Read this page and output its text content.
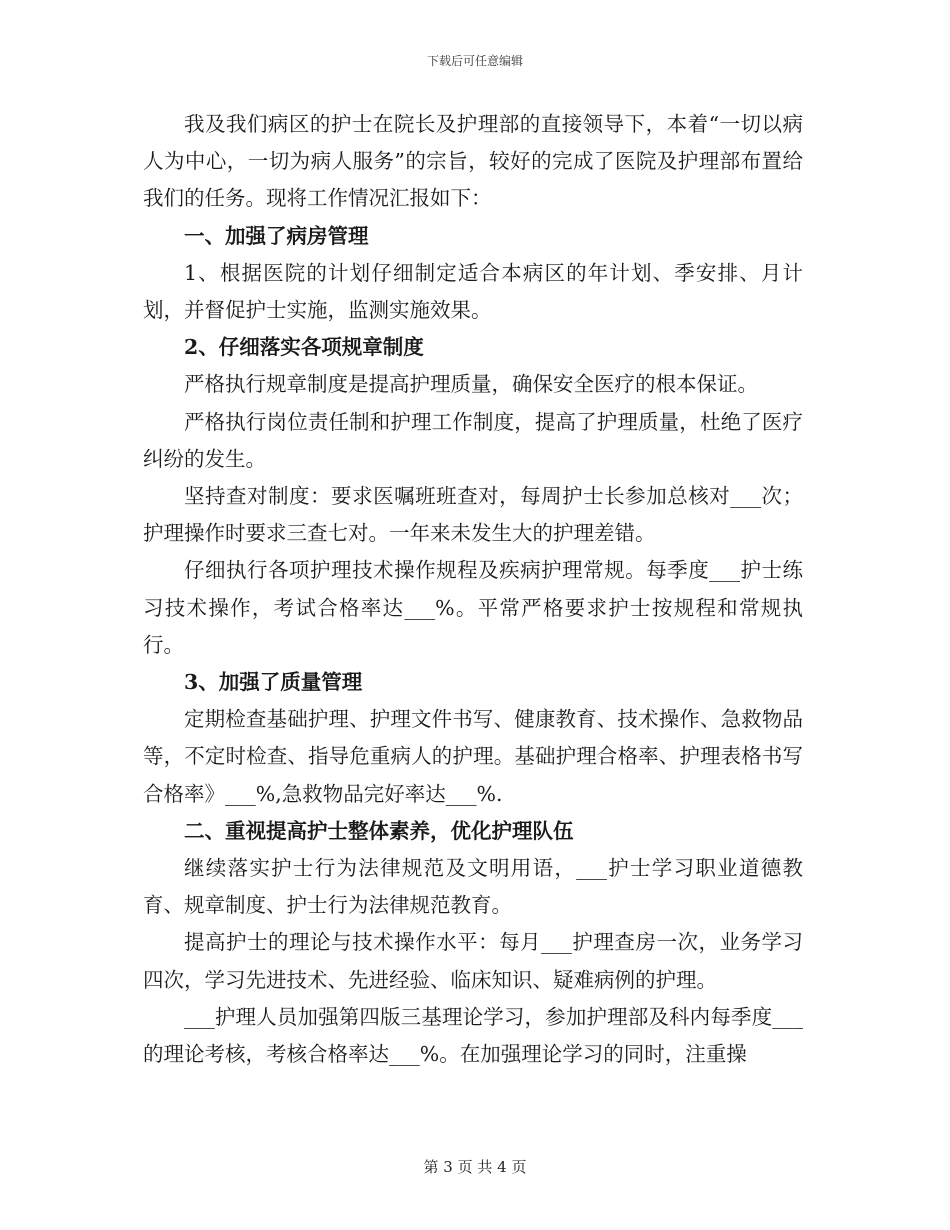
下载后可任意编辑

我及我们病区的护士在院长及护理部的直接领导下，本着“一切以病人为中心，一切为病人服务”的宗旨，较好的完成了医院及护理部布置给我们的任务。现将工作情况汇报如下：

一、加强了病房管理

1、根据医院的计划仔细制定适合本病区的年计划、季安排、月计划，并督促护士实施，监测实施效果。

2、仔细落实各项规章制度

严格执行规章制度是提高护理质量，确保安全医疗的根本保证。

严格执行岗位责任制和护理工作制度，提高了护理质量，杜绝了医疗纠纷的发生。

坚持查对制度：要求医嘱班班查对，每周护士长参加总核对___次；护理操作时要求三查七对。一年来未发生大的护理差错。

仔细执行各项护理技术操作规程及疾病护理常规。每季度___护士练习技术操作，考试合格率达___%。平常严格要求护士按规程和常规执行。

3、加强了质量管理

定期检查基础护理、护理文件书写、健康教育、技术操作、急救物品等，不定时检查、指导危重病人的护理。基础护理合格率、护理表格书写合格率》___%,急救物品完好率达___%.

二、重视提高护士整体素养，优化护理队伍

继续落实护士行为法律规范及文明用语，___护士学习职业道德教育、规章制度、护士行为法律规范教育。

提高护士的理论与技术操作水平：每月___护理查房一次，业务学习四次，学习先进技术、先进经验、临床知识、疑难病例的护理。

___护理人员加强第四版三基理论学习，参加护理部及科内每季度___的理论考核，考核合格率达___%。在加强理论学习的同时，注重操

第 3 页 共 4 页
